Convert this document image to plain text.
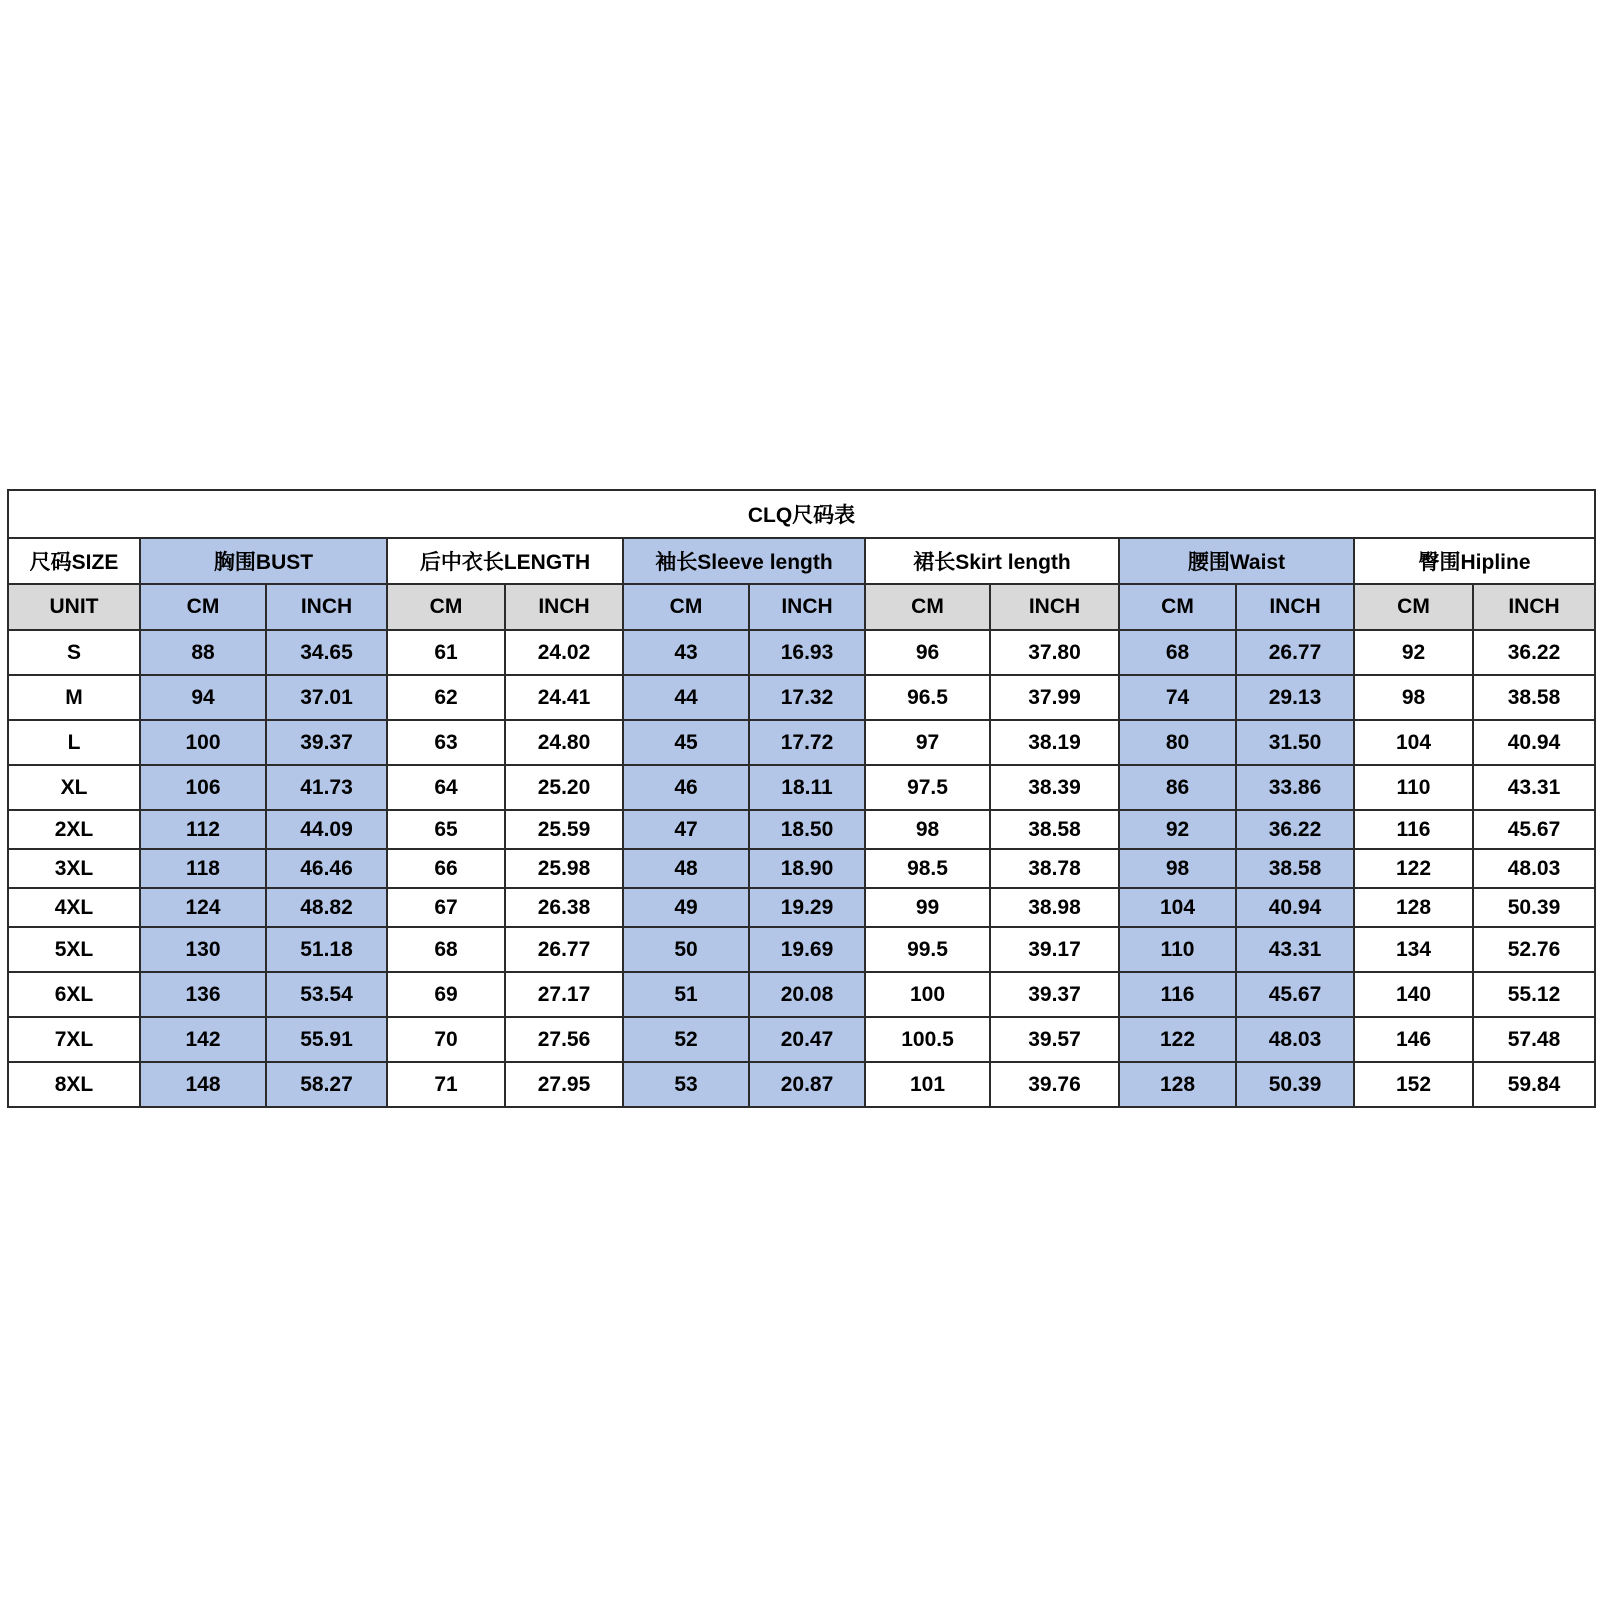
CLQ尺码表												
尺码SIZE	胸围BUST		后中衣长LENGTH		袖长Sleeve length		裙长Skirt length		腰围Waist		臀围Hipline	
UNIT	CM	INCH	CM	INCH	CM	INCH	CM	INCH	CM	INCH	CM	INCH
S	88	34.65	61	24.02	43	16.93	96	37.80	68	26.77	92	36.22
M	94	37.01	62	24.41	44	17.32	96.5	37.99	74	29.13	98	38.58
L	100	39.37	63	24.80	45	17.72	97	38.19	80	31.50	104	40.94
XL	106	41.73	64	25.20	46	18.11	97.5	38.39	86	33.86	110	43.31
2XL	112	44.09	65	25.59	47	18.50	98	38.58	92	36.22	116	45.67
3XL	118	46.46	66	25.98	48	18.90	98.5	38.78	98	38.58	122	48.03
4XL	124	48.82	67	26.38	49	19.29	99	38.98	104	40.94	128	50.39
5XL	130	51.18	68	26.77	50	19.69	99.5	39.17	110	43.31	134	52.76
6XL	136	53.54	69	27.17	51	20.08	100	39.37	116	45.67	140	55.12
7XL	142	55.91	70	27.56	52	20.47	100.5	39.57	122	48.03	146	57.48
8XL	148	58.27	71	27.95	53	20.87	101	39.76	128	50.39	152	59.84
